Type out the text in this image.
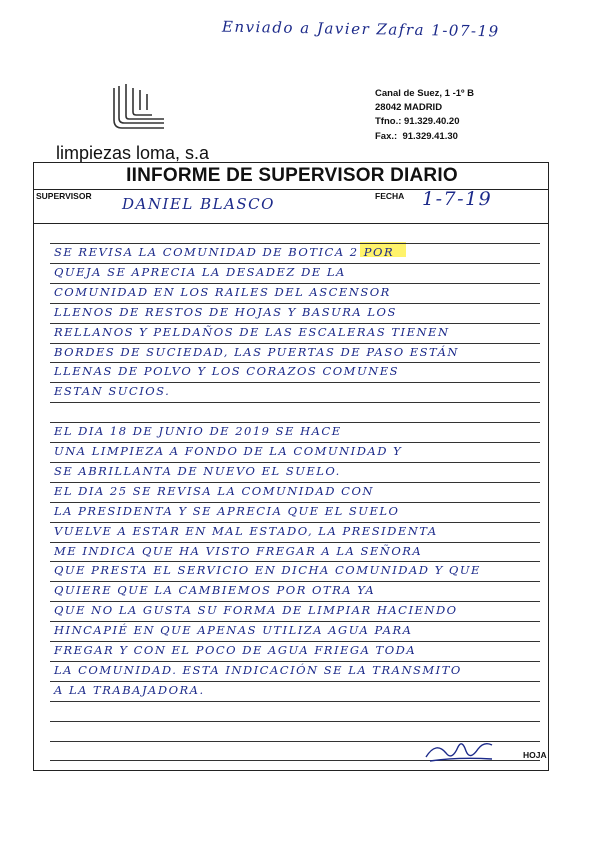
Enviado a Javier Zafra 1-07-19
limpiezas loma, s.a
Canal de Suez, 1 -1º B
28042 MADRID
Tfno.: 91.329.40.20
Fax.:  91.329.41.30
IINFORME DE SUPERVISOR DIARIO
SUPERVISOR DANIEL BLASCO	FECHA 1-7-19
SE REVISA LA COMUNIDAD DE BOTICA 2 POR
QUEJA SE APRECIA LA DESADEZ DE LA
COMUNIDAD EN LOS RAILES DEL ASCENSOR
LLENOS DE RESTOS DE HOJAS Y BASURA LOS
RELLANOS Y PELDAÑOS DE LAS ESCALERAS TIENEN
BORDES DE SUCIEDAD, LAS PUERTAS DE PASO ESTÁN
LLENAS DE POLVO Y LOS CORAZOS COMUNES
ESTAN SUCIOS.
EL DIA 18 DE JUNIO DE 2019 SE HACE
UNA LIMPIEZA A FONDO DE LA COMUNIDAD Y
SE ABRILLANTA DE NUEVO EL SUELO.
EL DIA 25 SE REVISA LA COMUNIDAD CON
LA PRESIDENTA Y SE APRECIA QUE EL SUELO
VUELVE A ESTAR EN MAL ESTADO, LA PRESIDENTA
ME INDICA QUE HA VISTO FREGAR A LA SEÑORA
QUE PRESTA EL SERVICIO EN DICHA COMUNIDAD Y QUE
QUIERE QUE LA CAMBIEMOS POR OTRA YA
QUE NO LA GUSTA SU FORMA DE LIMPIAR HACIENDO
HINCAPIÉ EN QUE APENAS UTILIZA AGUA PARA
FREGAR Y CON EL POCO DE AGUA FRIEGA TODA
LA COMUNIDAD. ESTA INDICACIÓN SE LA TRANSMITO
A LA TRABAJADORA.
HOJA
